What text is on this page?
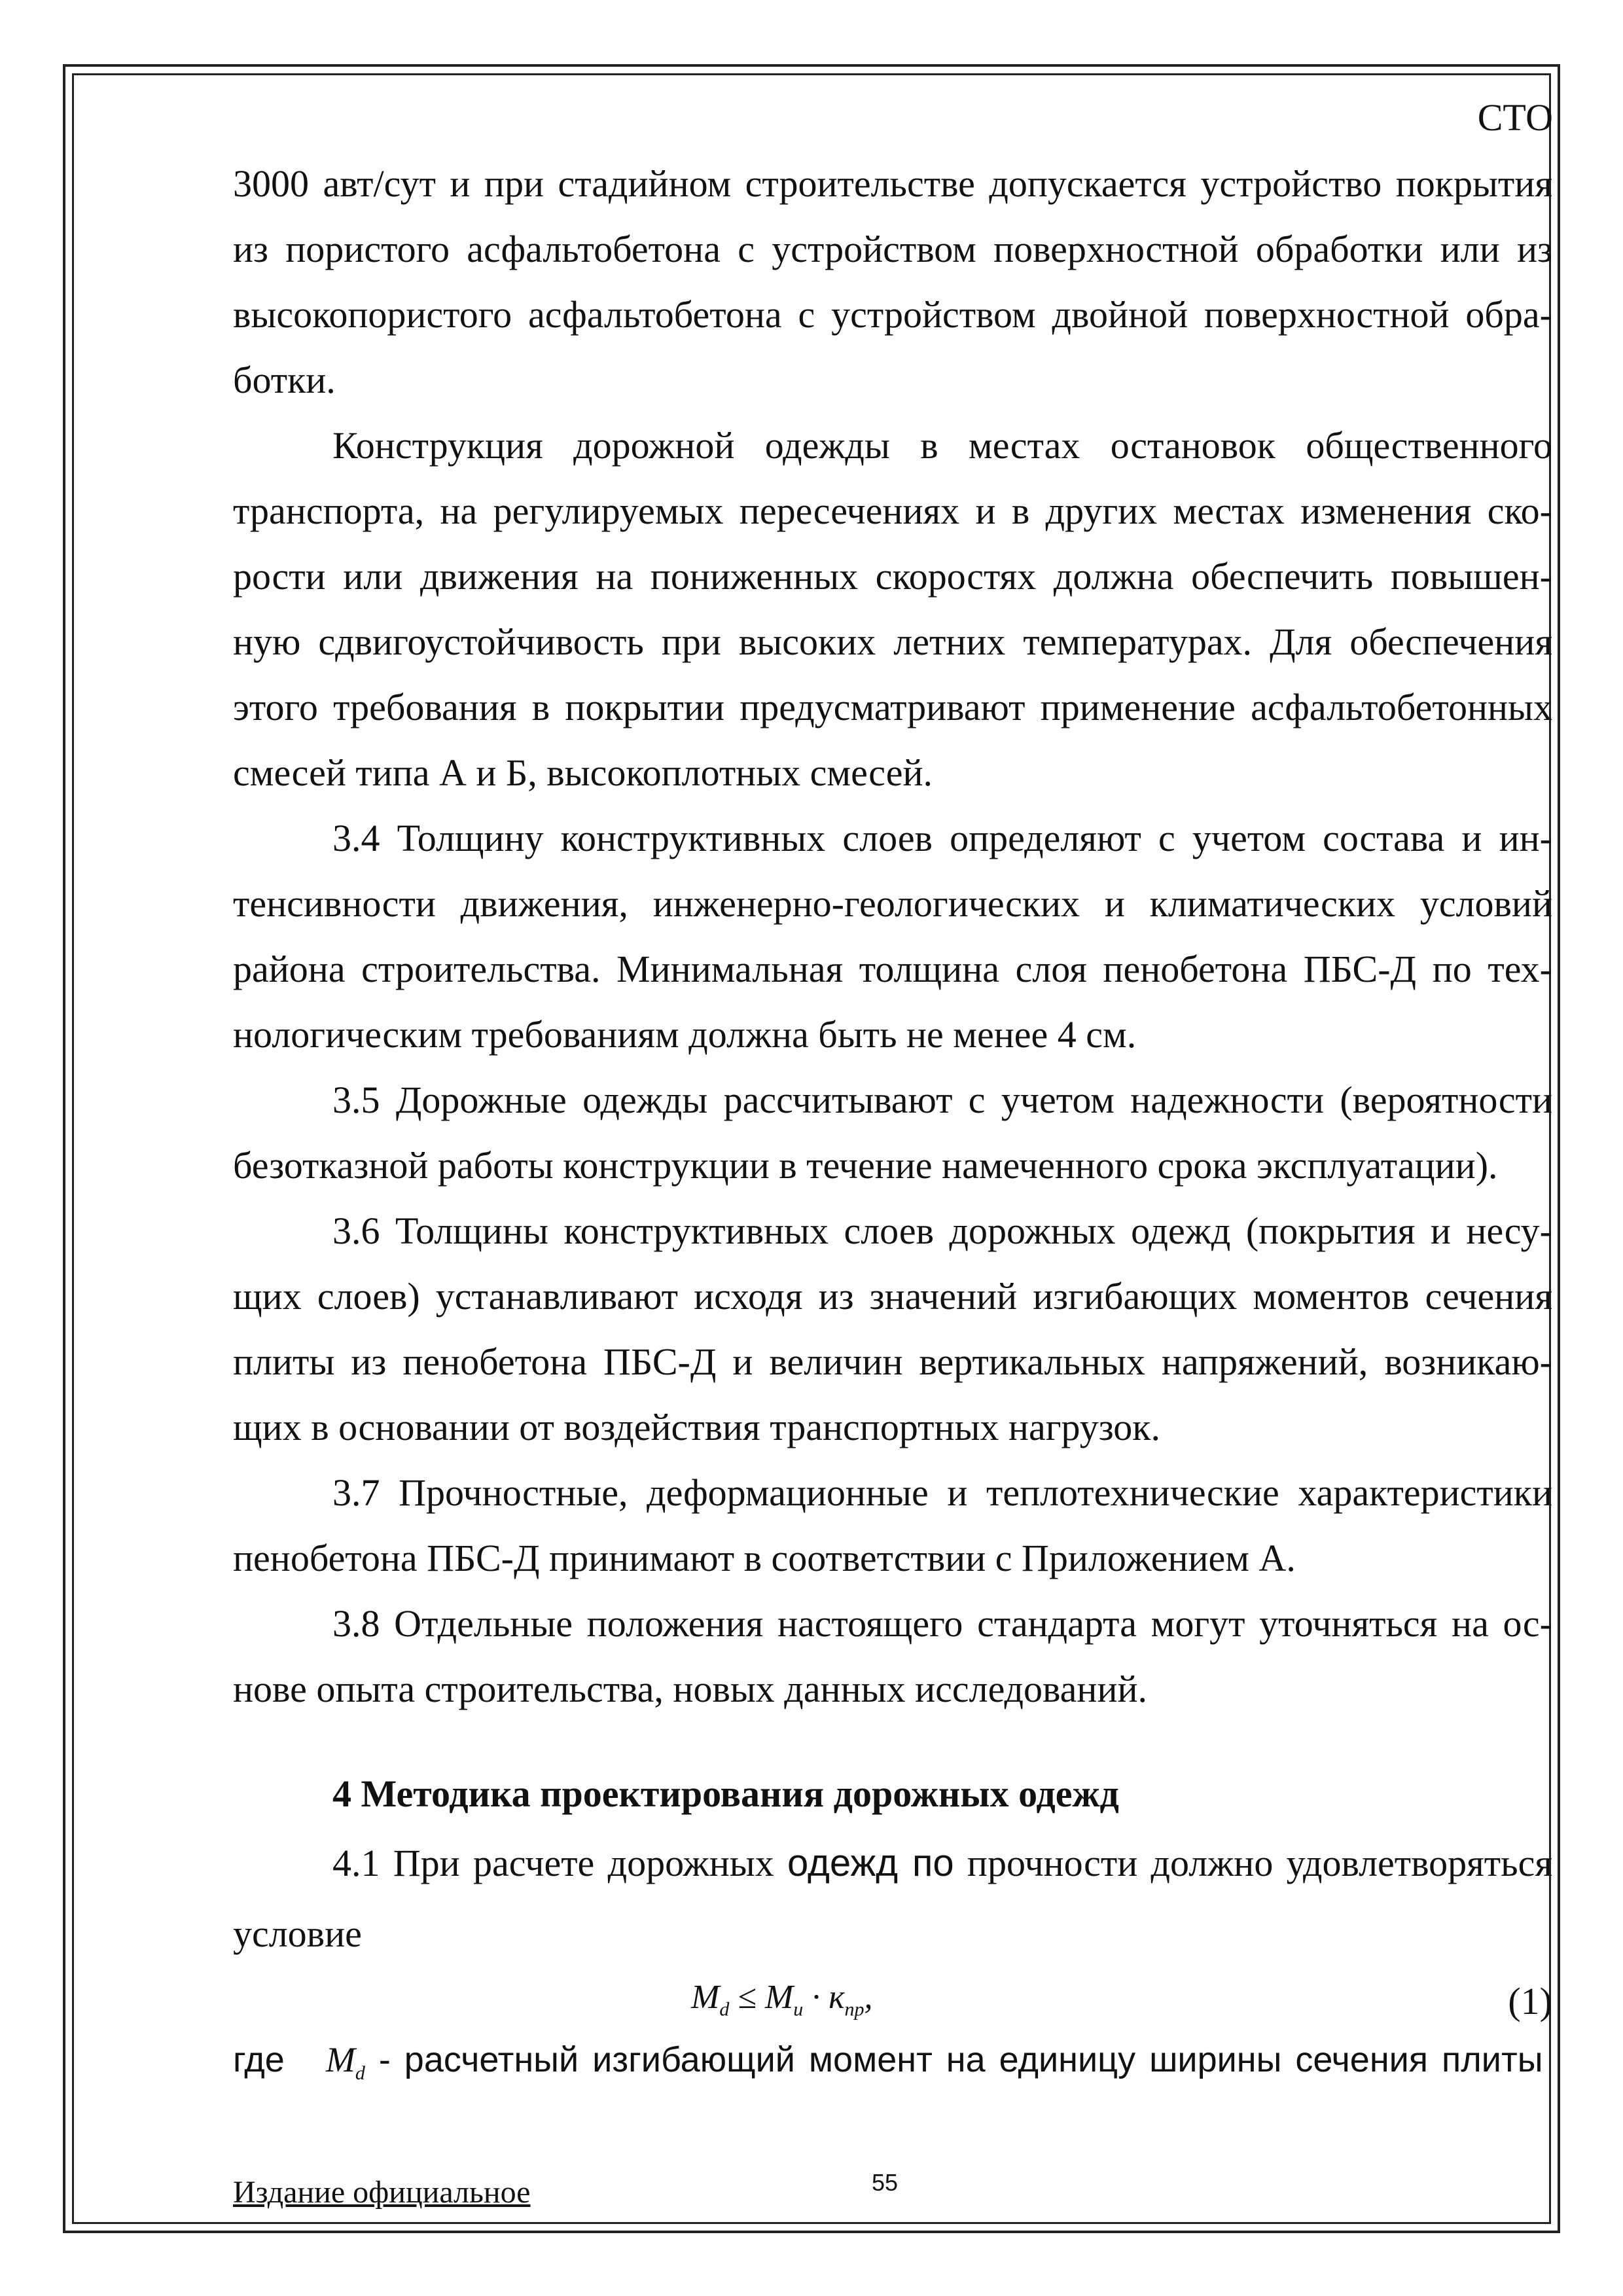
СТО
3000 авт/сут и при стадийном строительстве допускается устройство покрытия
из пористого асфальтобетона с устройством поверхностной обработки или из
высокопористого асфальтобетона с устройством двойной поверхностной обра-
ботки.
Конструкция дорожной одежды в местах остановок общественного
транспорта, на регулируемых пересечениях и в других местах изменения ско-
рости или движения на пониженных скоростях должна обеспечить повышен-
ную сдвигоустойчивость при высоких летних температурах. Для обеспечения
этого требования в покрытии предусматривают применение асфальтобетонных
смесей типа А и Б, высокоплотных смесей.
3.4 Толщину конструктивных слоев определяют с учетом состава и ин-
тенсивности движения, инженерно-геологических и климатических условий
района строительства. Минимальная толщина слоя пенобетона ПБС-Д по тех-
нологическим требованиям должна быть не менее 4 см.
3.5 Дорожные одежды рассчитывают с учетом надежности (вероятности
безотказной работы конструкции в течение намеченного срока эксплуатации).
3.6 Толщины конструктивных слоев дорожных одежд (покрытия и несу-
щих слоев) устанавливают исходя из значений изгибающих моментов сечения
плиты из пенобетона ПБС-Д и величин вертикальных напряжений, возникаю-
щих в основании от воздействия транспортных нагрузок.
3.7 Прочностные, деформационные и теплотехнические характеристики
пенобетона ПБС-Д принимают в соответствии с Приложением А.
3.8 Отдельные положения настоящего стандарта могут уточняться на ос-
нове опыта строительства, новых данных исследований.
4 Методика проектирования дорожных одежд
4.1 При расчете дорожных одежд по прочности должно удовлетворяться
условие
$M_d \le M_u \cdot к_{пр}$,	(1)
где $M_d$ - расчетный изгибающий момент на единицу ширины сечения плиты
Издание официальное	55
